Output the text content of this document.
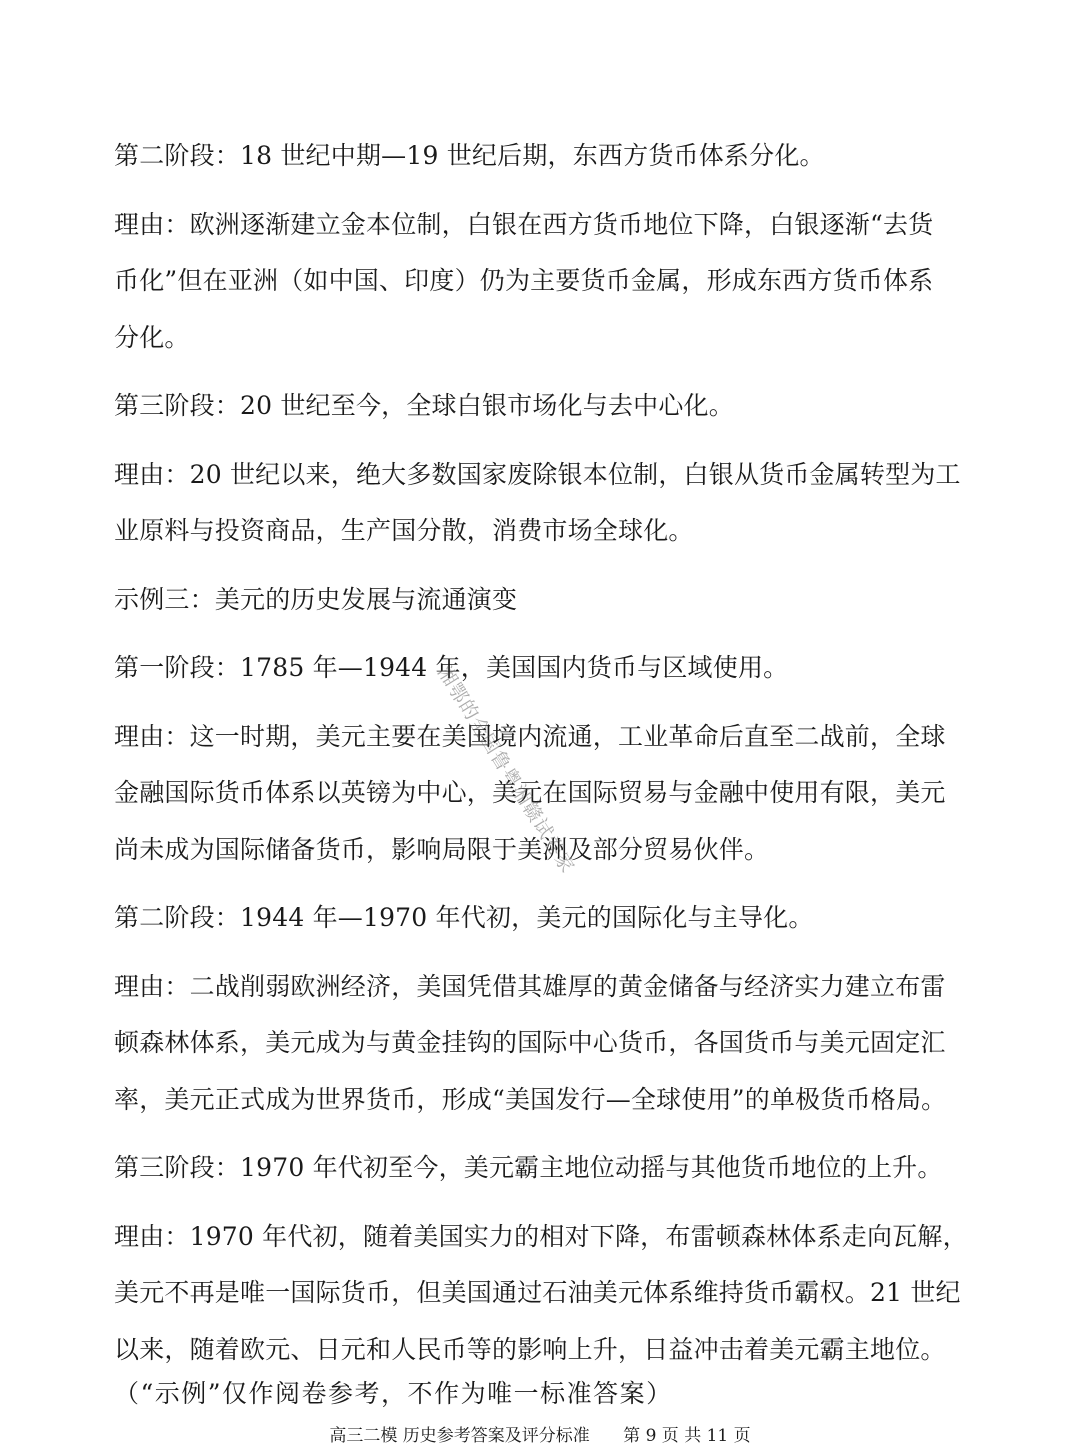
第二阶段：18 世纪中期—19 世纪后期，东西方货币体系分化。
理由：欧洲逐渐建立金本位制，白银在西方货币地位下降，白银逐渐“去货
币化”但在亚洲（如中国、印度）仍为主要货币金属，形成东西方货币体系
分化。
第三阶段：20 世纪至今，全球白银市场化与去中心化。
理由：20 世纪以来，绝大多数国家废除银本位制，白银从货币金属转型为工
业原料与投资商品，生产国分散，消费市场全球化。
示例三：美元的历史发展与流通演变
第一阶段：1785 年—1944 年，美国国内货币与区域使用。
理由：这一时期，美元主要在美国境内流通，工业革命后直至二战前，全球
金融国际货币体系以英镑为中心，美元在国际贸易与金融中使用有限，美元
尚未成为国际储备货币，影响局限于美洲及部分贸易伙伴。
第二阶段：1944 年—1970 年代初，美元的国际化与主导化。
理由：二战削弱欧洲经济，美国凭借其雄厚的黄金储备与经济实力建立布雷
顿森林体系，美元成为与黄金挂钩的国际中心货币，各国货币与美元固定汇
率，美元正式成为世界货币，形成“美国发行—全球使用”的单极货币格局。
第三阶段：1970 年代初至今，美元霸主地位动摇与其他货币地位的上升。
理由：1970 年代初，随着美国实力的相对下降，布雷顿森林体系走向瓦解，
美元不再是唯一国际货币，但美国通过石油美元体系维持货币霸权。21 世纪
以来，随着欧元、日元和人民币等的影响上升，日益冲击着美元霸主地位。
（“示例”仅作阅卷参考，不作为唯一标准答案）
高三二模 历史参考答案及评分标准 第 9 页 共 11 页
湘鄂的全国鲁粤湘赣试卷家
